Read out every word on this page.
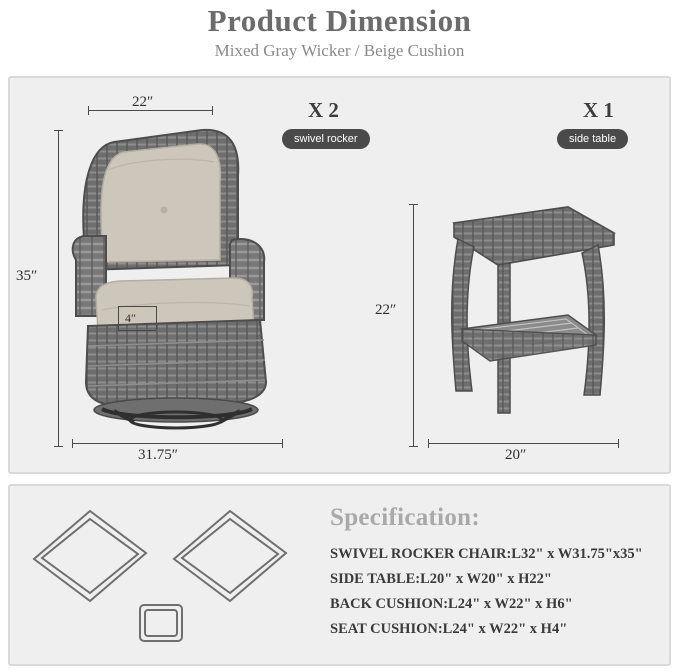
Product Dimension
Mixed Gray Wicker / Beige Cushion
22″
35″
4″
31.75″
22″
20″
X 2
swivel rocker
X 1
side table
Specification:
SWIVEL ROCKER CHAIR:L32" x W31.75"x35"
SIDE TABLE:L20" x W20" x H22"
BACK CUSHION:L24" x W22" x H6"
SEAT CUSHION:L24" x W22" x H4"
